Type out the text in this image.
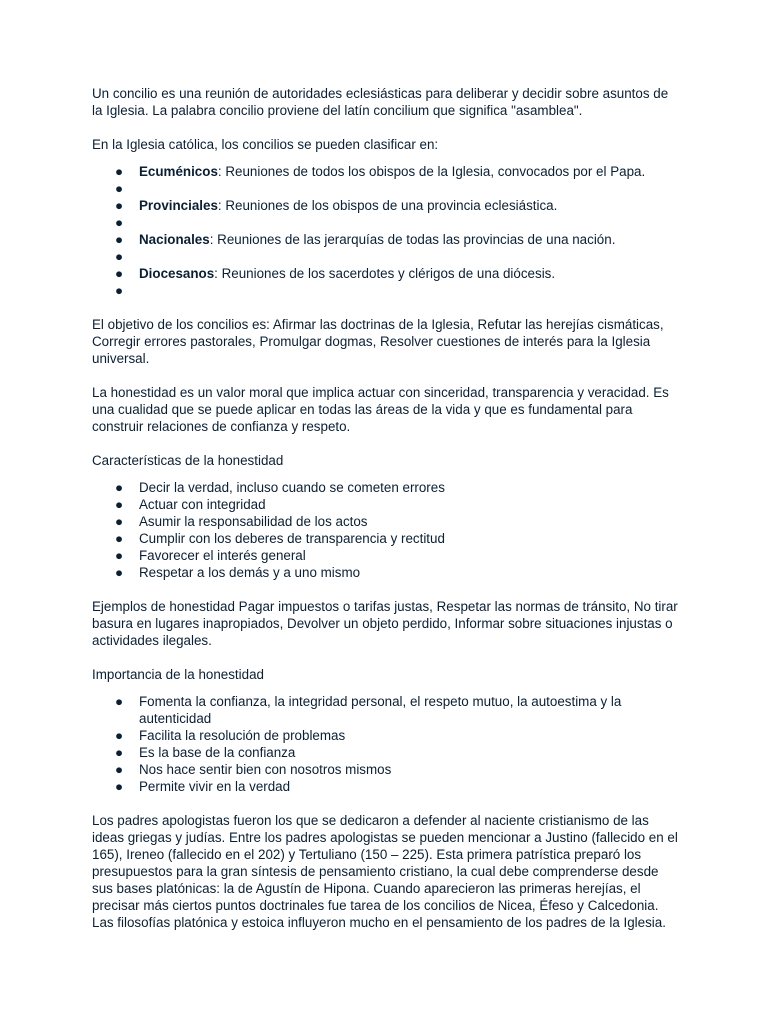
Un concilio es una reunión de autoridades eclesiásticas para deliberar y decidir sobre asuntos de la Iglesia. La palabra concilio proviene del latín concilium que significa "asamblea".

En la Iglesia católica, los concilios se pueden clasificar en:

● Ecuménicos: Reuniones de todos los obispos de la Iglesia, convocados por el Papa.
●
● Provinciales: Reuniones de los obispos de una provincia eclesiástica.
●
● Nacionales: Reuniones de las jerarquías de todas las provincias de una nación.
●
● Diocesanos: Reuniones de los sacerdotes y clérigos de una diócesis.
●

El objetivo de los concilios es: Afirmar las doctrinas de la Iglesia, Refutar las herejías cismáticas, Corregir errores pastorales, Promulgar dogmas, Resolver cuestiones de interés para la Iglesia universal.

La honestidad es un valor moral que implica actuar con sinceridad, transparencia y veracidad. Es una cualidad que se puede aplicar en todas las áreas de la vida y que es fundamental para construir relaciones de confianza y respeto.

Características de la honestidad

● Decir la verdad, incluso cuando se cometen errores
● Actuar con integridad
● Asumir la responsabilidad de los actos
● Cumplir con los deberes de transparencia y rectitud
● Favorecer el interés general
● Respetar a los demás y a uno mismo

Ejemplos de honestidad Pagar impuestos o tarifas justas, Respetar las normas de tránsito, No tirar basura en lugares inapropiados, Devolver un objeto perdido, Informar sobre situaciones injustas o actividades ilegales.

Importancia de la honestidad

● Fomenta la confianza, la integridad personal, el respeto mutuo, la autoestima y la autenticidad
● Facilita la resolución de problemas
● Es la base de la confianza
● Nos hace sentir bien con nosotros mismos
● Permite vivir en la verdad

Los padres apologistas fueron los que se dedicaron a defender al naciente cristianismo de las ideas griegas y judías. Entre los padres apologistas se pueden mencionar a Justino (fallecido en el 165), Ireneo (fallecido en el 202) y Tertuliano (150 – 225). Esta primera patrística preparó los presupuestos para la gran síntesis de pensamiento cristiano, la cual debe comprenderse desde sus bases platónicas: la de Agustín de Hipona. Cuando aparecieron las primeras herejías, el precisar más ciertos puntos doctrinales fue tarea de los concilios de Nicea, Éfeso y Calcedonia. Las filosofías platónica y estoica influyeron mucho en el pensamiento de los padres de la Iglesia.
